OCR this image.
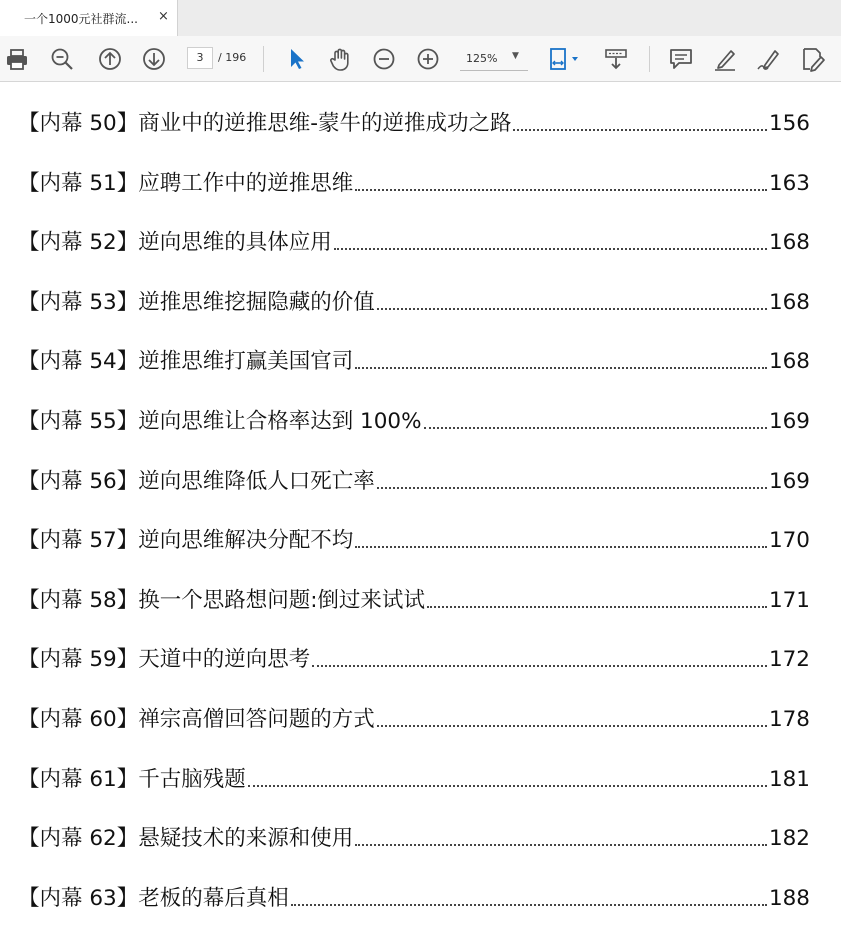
一个1000元社群流...	×
3	/ 196	125% ▼
【内幕 50】商业中的逆推思维-蒙牛的逆推成功之路	156
【内幕 51】应聘工作中的逆推思维	163
【内幕 52】逆向思维的具体应用	168
【内幕 53】逆推思维挖掘隐藏的价值	168
【内幕 54】逆推思维打赢美国官司	168
【内幕 55】逆向思维让合格率达到 100%	169
【内幕 56】逆向思维降低人口死亡率	169
【内幕 57】逆向思维解决分配不均	170
【内幕 58】换一个思路想问题:倒过来试试	171
【内幕 59】天道中的逆向思考	172
【内幕 60】禅宗高僧回答问题的方式	178
【内幕 61】千古脑残题	181
【内幕 62】悬疑技术的来源和使用	182
【内幕 63】老板的幕后真相	188
